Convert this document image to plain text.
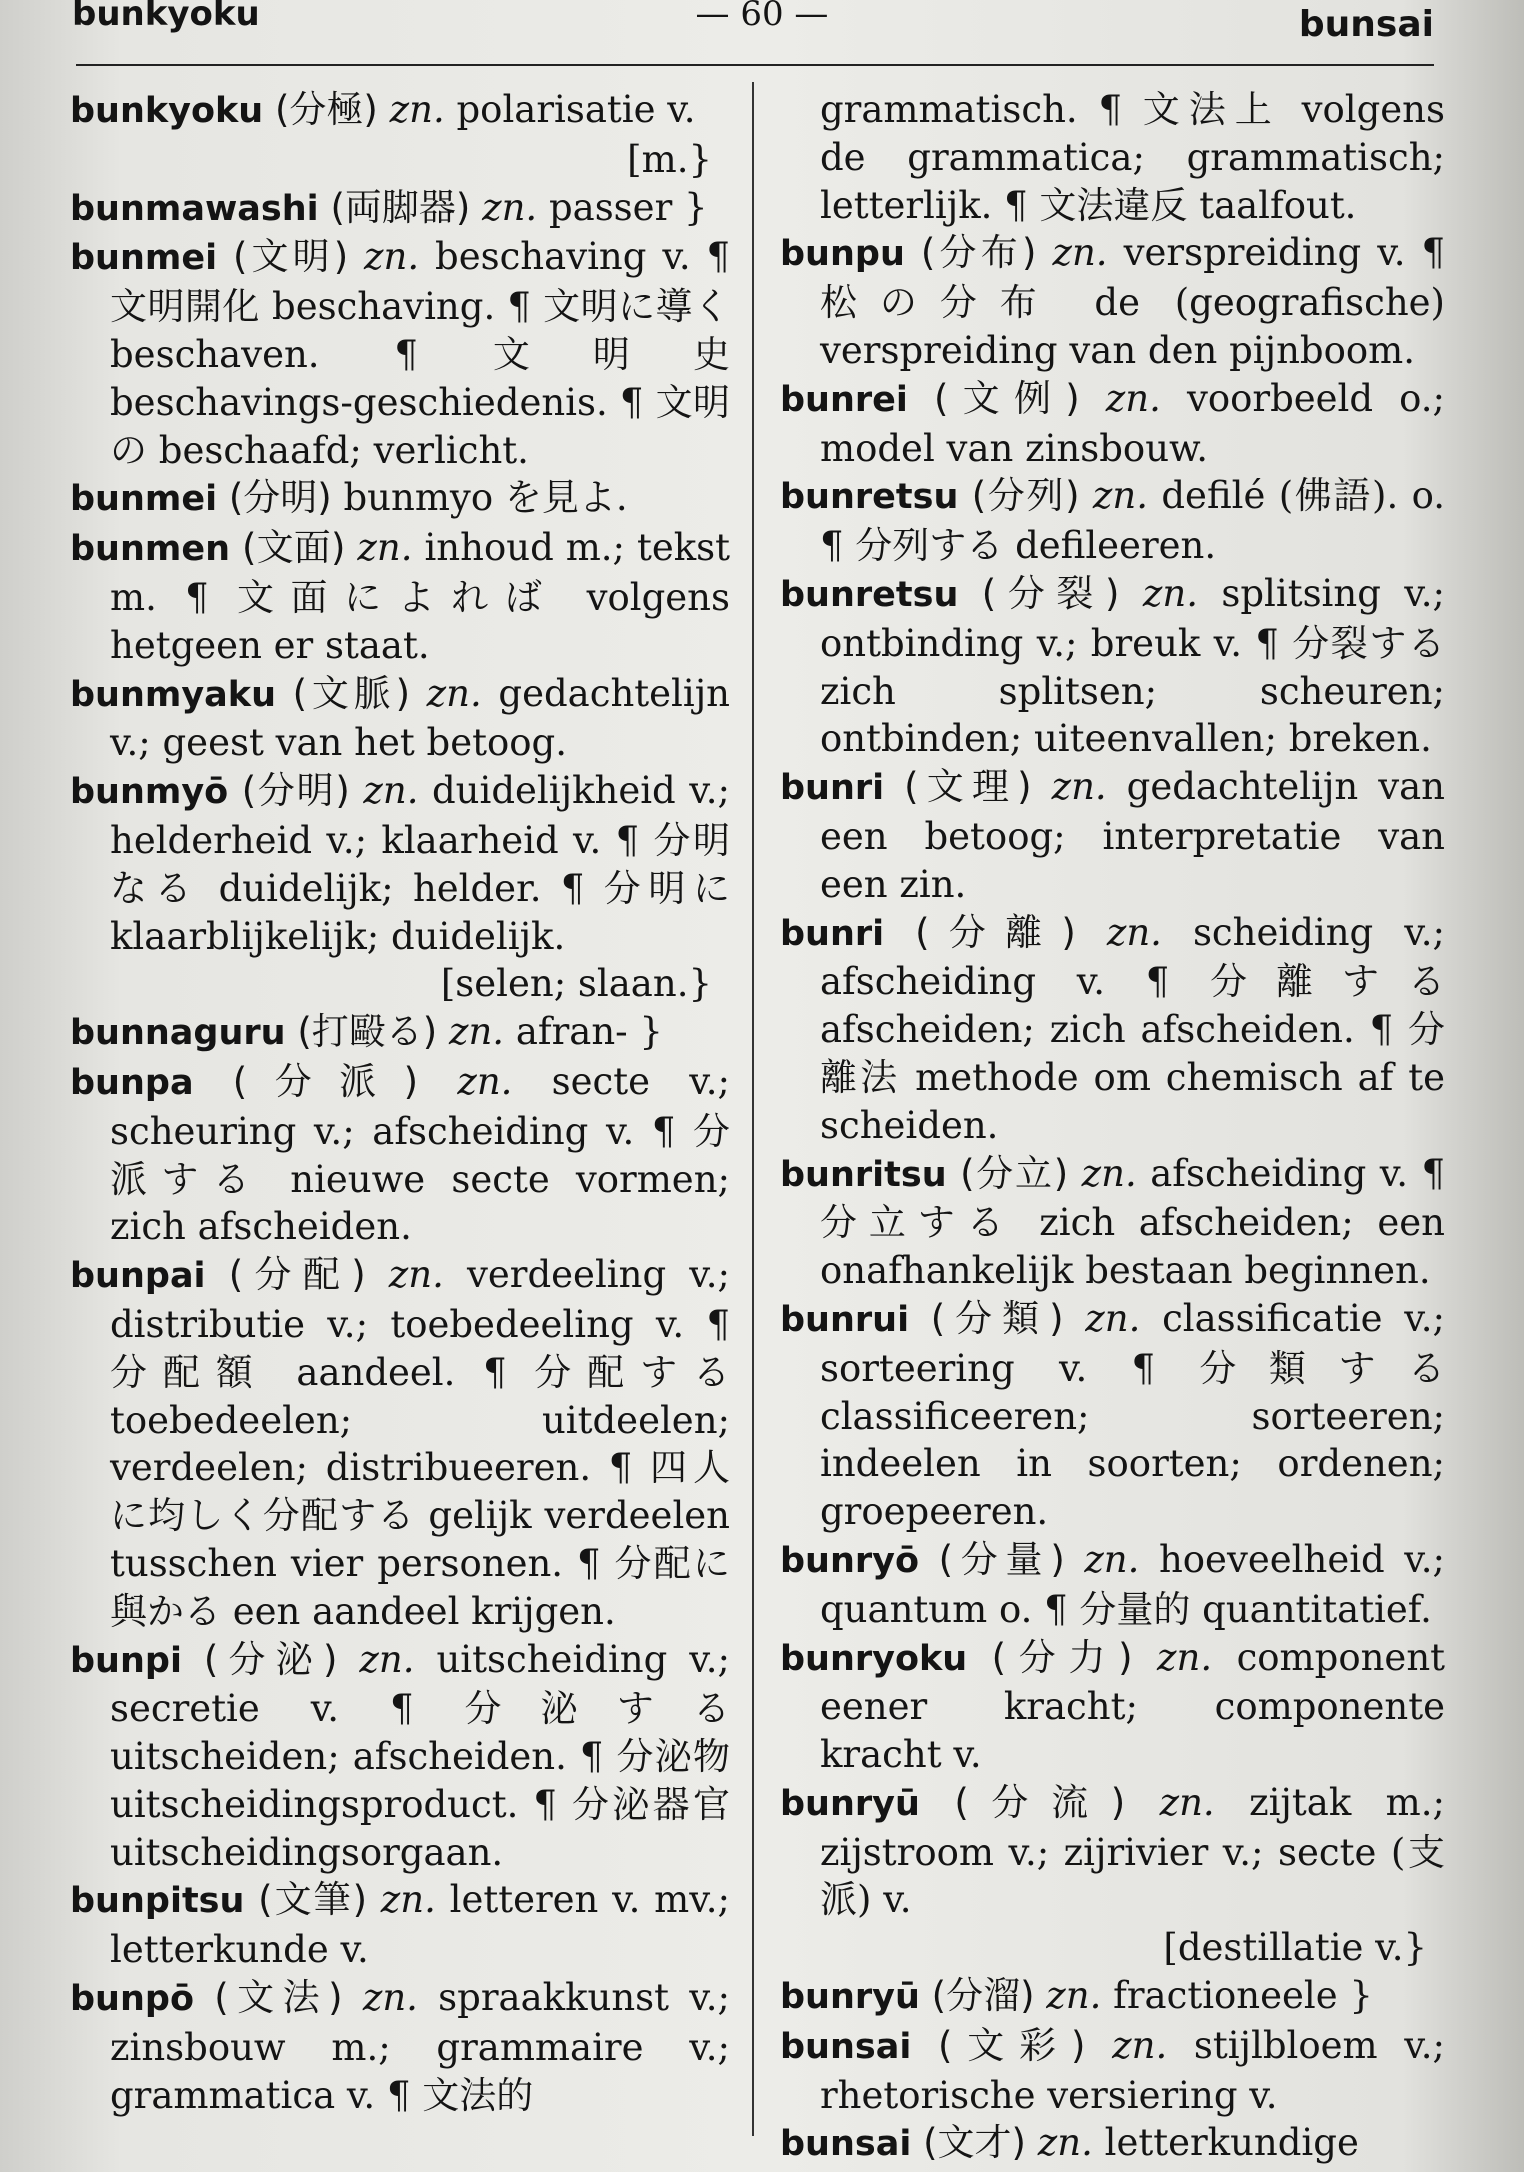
bunkyoku	— 60 —	bunsai

bunkyoku (分極) zn. polarisatie v.
[m.}

bunmawashi (両脚器) zn. passer }

bunmei (文明) zn. beschaving v. ¶ 文明開化 beschaving. ¶ 文明に導く beschaven. ¶ 文明史 beschavings-geschiedenis. ¶ 文明の beschaafd; verlicht.

bunmei (分明) bunmyo を見よ.

bunmen (文面) zn. inhoud m.; tekst m. ¶ 文面によれば volgens hetgeen er staat.

bunmyaku (文脈) zn. gedachtelijn v.; geest van het betoog.

bunmyō (分明) zn. duidelijkheid v.; helderheid v.; klaarheid v. ¶ 分明なる duidelijk; helder. ¶ 分明に klaarblijkelijk; duidelijk.
[selen; slaan.}

bunnaguru (打毆る) zn. afran- }

bunpa (分派) zn. secte v.; scheuring v.; afscheiding v. ¶ 分派する nieuwe secte vormen; zich afscheiden.

bunpai (分配) zn. verdeeling v.; distributie v.; toebedeeling v. ¶ 分配額 aandeel. ¶ 分配する toebedeelen; uitdeelen; verdeelen; distribueeren. ¶ 四人に均しく分配する gelijk verdeelen tusschen vier personen. ¶ 分配に與かる een aandeel krijgen.

bunpi (分泌) zn. uitscheiding v.; secretie v. ¶ 分泌する uitscheiden; afscheiden. ¶ 分泌物 uitscheidingsproduct. ¶ 分泌器官 uitscheidingsorgaan.

bunpitsu (文筆) zn. letteren v. mv.; letterkunde v.

bunpō (文法) zn. spraakkunst v.; zinsbouw m.; grammaire v.; grammatica v. ¶ 文法的

grammatisch. ¶ 文法上 volgens de grammatica; grammatisch; letterlijk. ¶ 文法違反 taalfout.

bunpu (分布) zn. verspreiding v. ¶ 松の分布 de (geografische) verspreiding van den pijnboom.

bunrei (文例) zn. voorbeeld o.; model van zinsbouw.

bunretsu (分列) zn. defilé (佛語). o. ¶ 分列する defileeren.

bunretsu (分裂) zn. splitsing v.; ontbinding v.; breuk v. ¶ 分裂する zich splitsen; scheuren; ontbinden; uiteenvallen; breken.

bunri (文理) zn. gedachtelijn van een betoog; interpretatie van een zin.

bunri (分離) zn. scheiding v.; afscheiding v. ¶ 分離する afscheiden; zich afscheiden. ¶ 分離法 methode om chemisch af te scheiden.

bunritsu (分立) zn. afscheiding v. ¶ 分立する zich afscheiden; een onafhankelijk bestaan beginnen.

bunrui (分類) zn. classificatie v.; sorteering v. ¶ 分類する classificeeren; sorteeren; indeelen in soorten; ordenen; groepeeren.

bunryō (分量) zn. hoeveelheid v.; quantum o. ¶ 分量的 quantitatief.

bunryoku (分力) zn. component eener kracht; componente kracht v.

bunryū (分流) zn. zijtak m.; zijstroom v.; zijrivier v.; secte (支派) v.
[destillatie v.}

bunryū (分溜) zn. fractioneele }

bunsai (文彩) zn. stijlbloem v.; rhetorische versiering v.

bunsai (文才) zn. letterkundige
